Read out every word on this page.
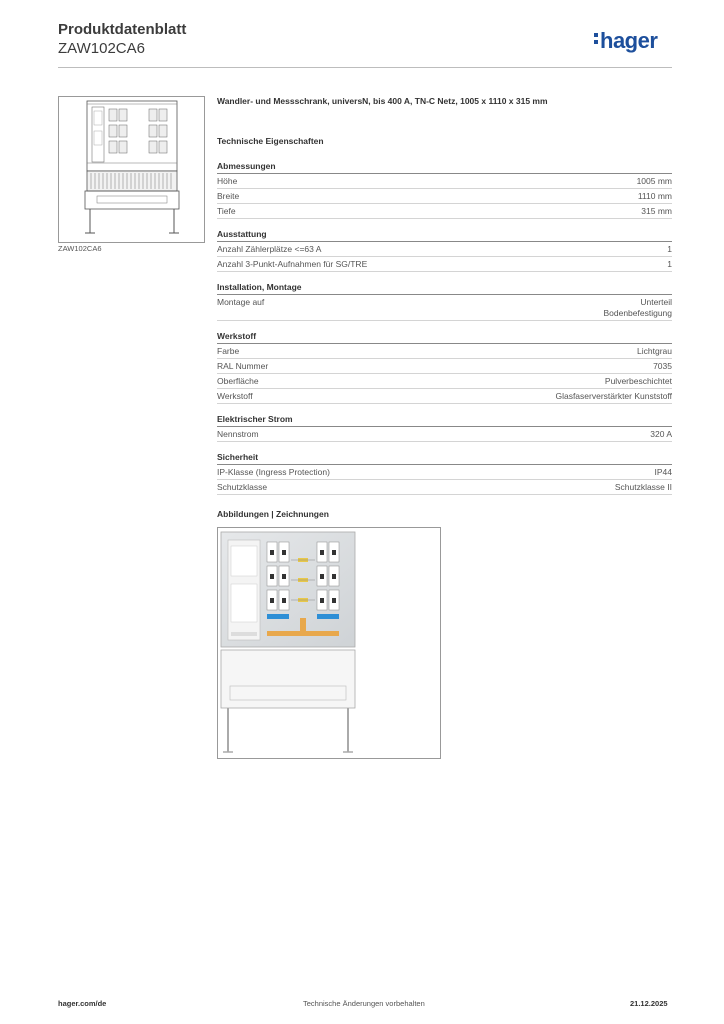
Produktdatenblatt
ZAW102CA6	hager
ZAW102CA6
Wandler- und Messschrank, universN, bis 400 A, TN-C Netz, 1005 x 1110 x 315 mm
Technische Eigenschaften
Abmessungen
Höhe	1005 mm
Breite	1110 mm
Tiefe	315 mm
Ausstattung
Anzahl Zählerplätze <=63 A	1
Anzahl 3-Punkt-Aufnahmen für SG/TRE	1
Installation, Montage
Montage auf	Unterteil
Bodenbefestigung
Werkstoff
Farbe	Lichtgrau
RAL Nummer	7035
Oberfläche	Pulverbeschichtet
Werkstoff	Glasfaserverstärkter Kunststoff
Elektrischer Strom
Nennstrom	320 A
Sicherheit
IP-Klasse (Ingress Protection)	IP44
Schutzklasse	Schutzklasse II
Abbildungen | Zeichnungen
hager.com/de	Technische Änderungen vorbehalten	21.12.2025
